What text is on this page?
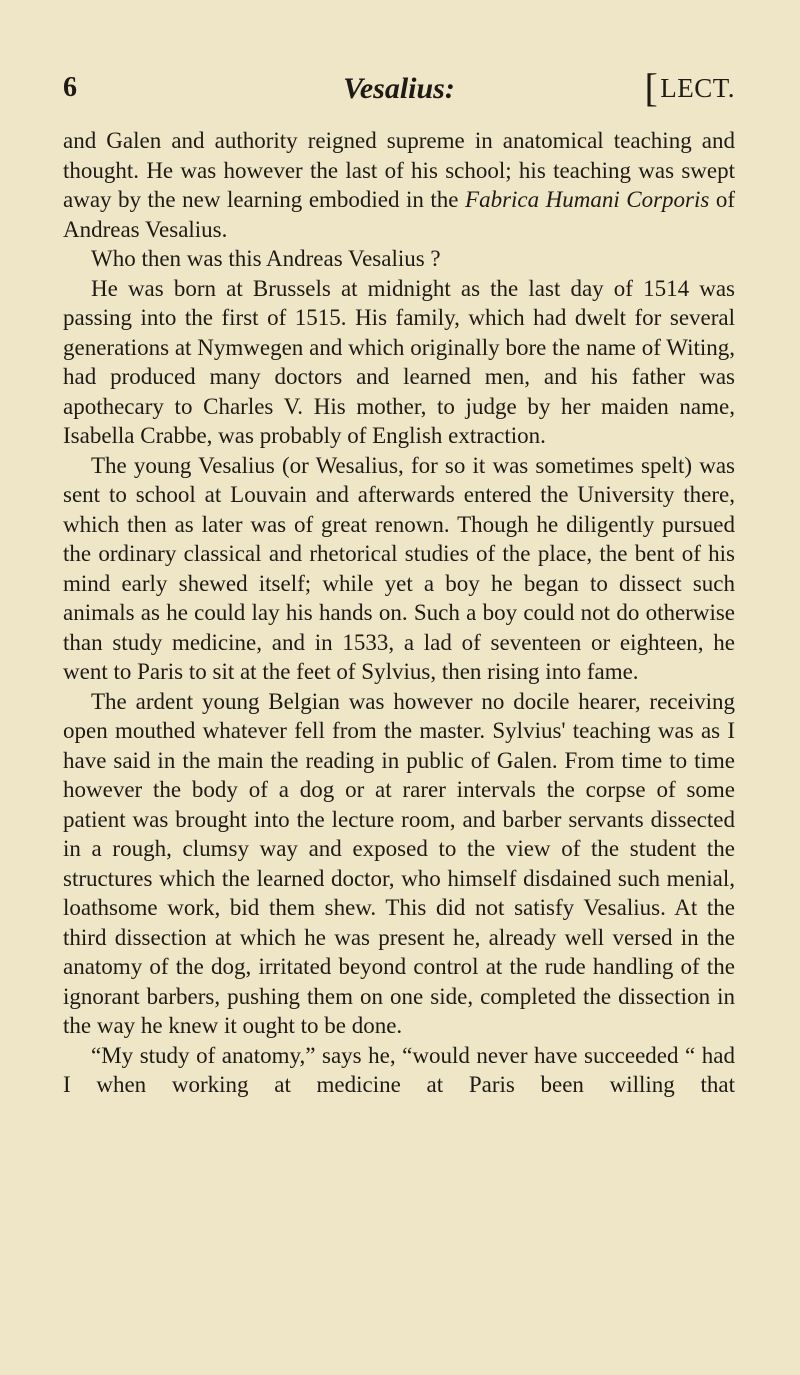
6	Vesalius:	[LECT.

and Galen and authority reigned supreme in anatomical teaching and thought. He was however the last of his school; his teaching was swept away by the new learning embodied in the Fabrica Humani Corporis of Andreas Vesalius.

Who then was this Andreas Vesalius ?

He was born at Brussels at midnight as the last day of 1514 was passing into the first of 1515. His family, which had dwelt for several generations at Nymwegen and which originally bore the name of Witing, had produced many doctors and learned men, and his father was apothecary to Charles V. His mother, to judge by her maiden name, Isabella Crabbe, was probably of English extraction.

The young Vesalius (or Wesalius, for so it was sometimes spelt) was sent to school at Louvain and afterwards entered the University there, which then as later was of great renown. Though he diligently pursued the ordinary classical and rhetorical studies of the place, the bent of his mind early shewed itself; while yet a boy he began to dissect such animals as he could lay his hands on. Such a boy could not do otherwise than study medicine, and in 1533, a lad of seventeen or eighteen, he went to Paris to sit at the feet of Sylvius, then rising into fame.

The ardent young Belgian was however no docile hearer, receiving open mouthed whatever fell from the master. Sylvius' teaching was as I have said in the main the reading in public of Galen. From time to time however the body of a dog or at rarer intervals the corpse of some patient was brought into the lecture room, and barber servants dissected in a rough, clumsy way and exposed to the view of the student the structures which the learned doctor, who himself disdained such menial, loathsome work, bid them shew. This did not satisfy Vesalius. At the third dissection at which he was present he, already well versed in the anatomy of the dog, irritated beyond control at the rude handling of the ignorant barbers, pushing them on one side, completed the dissection in the way he knew it ought to be done.

“My study of anatomy,” says he, “would never have succeeded “ had I when working at medicine at Paris been willing that
